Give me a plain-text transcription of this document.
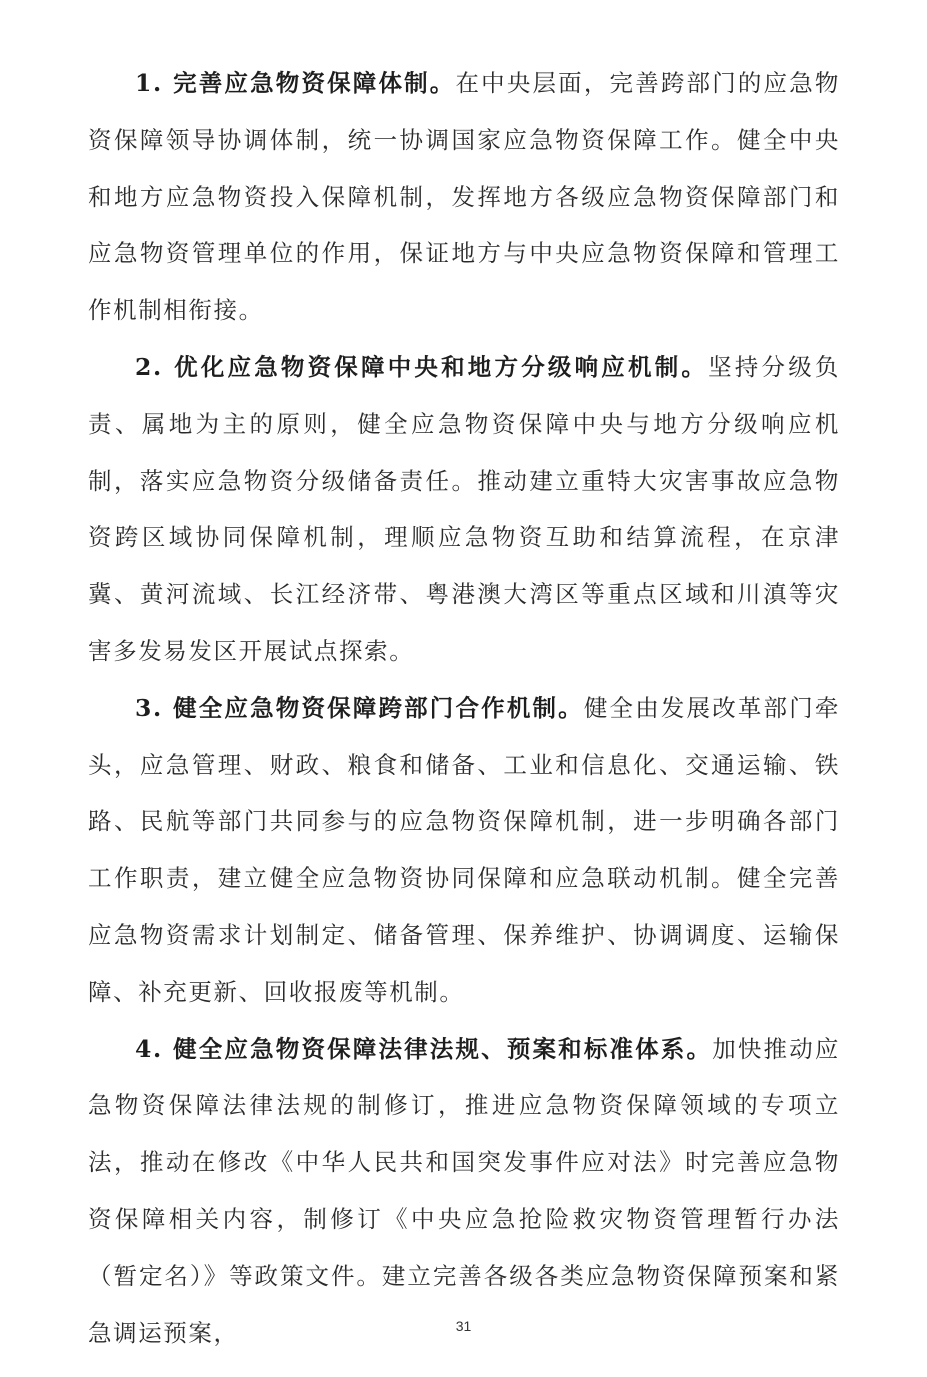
1. 完善应急物资保障体制。在中央层面，完善跨部门的应急物资保障领导协调体制，统一协调国家应急物资保障工作。健全中央和地方应急物资投入保障机制，发挥地方各级应急物资保障部门和应急物资管理单位的作用，保证地方与中央应急物资保障和管理工作机制相衔接。

2. 优化应急物资保障中央和地方分级响应机制。坚持分级负责、属地为主的原则，健全应急物资保障中央与地方分级响应机制，落实应急物资分级储备责任。推动建立重特大灾害事故应急物资跨区域协同保障机制，理顺应急物资互助和结算流程，在京津冀、黄河流域、长江经济带、粤港澳大湾区等重点区域和川滇等灾害多发易发区开展试点探索。

3. 健全应急物资保障跨部门合作机制。健全由发展改革部门牵头，应急管理、财政、粮食和储备、工业和信息化、交通运输、铁路、民航等部门共同参与的应急物资保障机制，进一步明确各部门工作职责，建立健全应急物资协同保障和应急联动机制。健全完善应急物资需求计划制定、储备管理、保养维护、协调调度、运输保障、补充更新、回收报废等机制。

4. 健全应急物资保障法律法规、预案和标准体系。加快推动应急物资保障法律法规的制修订，推进应急物资保障领域的专项立法，推动在修改《中华人民共和国突发事件应对法》时完善应急物资保障相关内容，制修订《中央应急抢险救灾物资管理暂行办法（暂定名）》等政策文件。建立完善各级各类应急物资保障预案和紧急调运预案，	31
